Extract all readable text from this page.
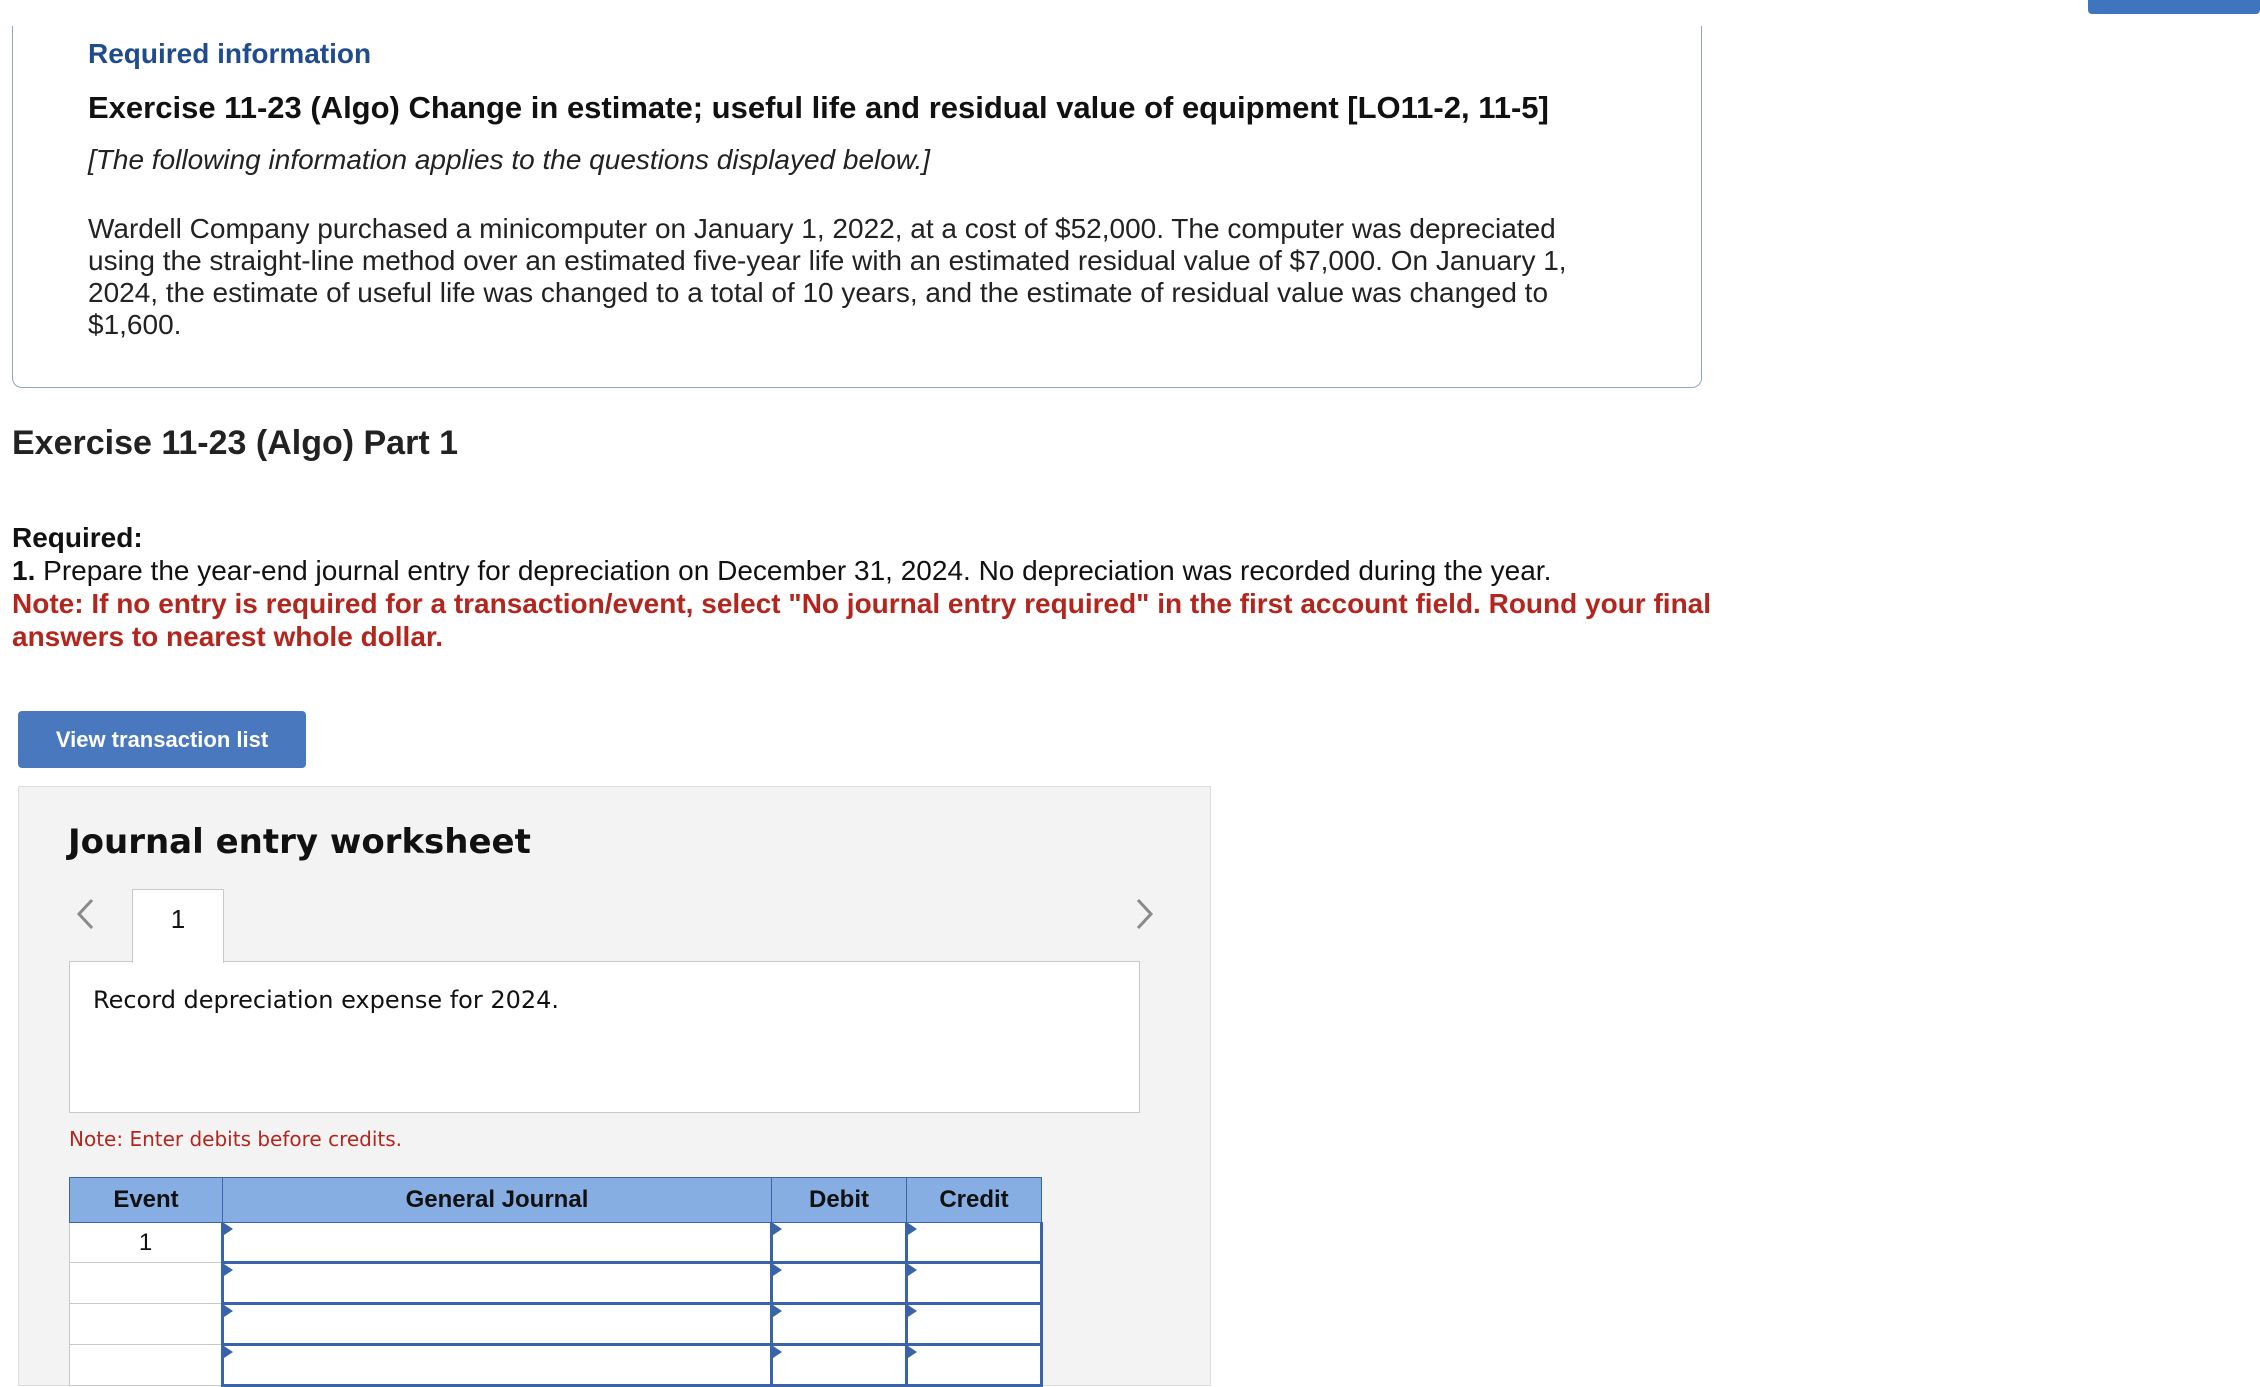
Required information
Exercise 11-23 (Algo) Change in estimate; useful life and residual value of equipment [LO11-2, 11-5]
[The following information applies to the questions displayed below.]
Wardell Company purchased a minicomputer on January 1, 2022, at a cost of $52,000. The computer was depreciated using the straight-line method over an estimated five-year life with an estimated residual value of $7,000. On January 1, 2024, the estimate of useful life was changed to a total of 10 years, and the estimate of residual value was changed to $1,600.
Exercise 11-23 (Algo) Part 1
Required:
1. Prepare the year-end journal entry for depreciation on December 31, 2024. No depreciation was recorded during the year.
Note: If no entry is required for a transaction/event, select "No journal entry required" in the first account field. Round your final answers to nearest whole dollar.
View transaction list
Journal entry worksheet
1
Record depreciation expense for 2024.
Note: Enter debits before credits.
Event	General Journal	Debit	Credit
1			
